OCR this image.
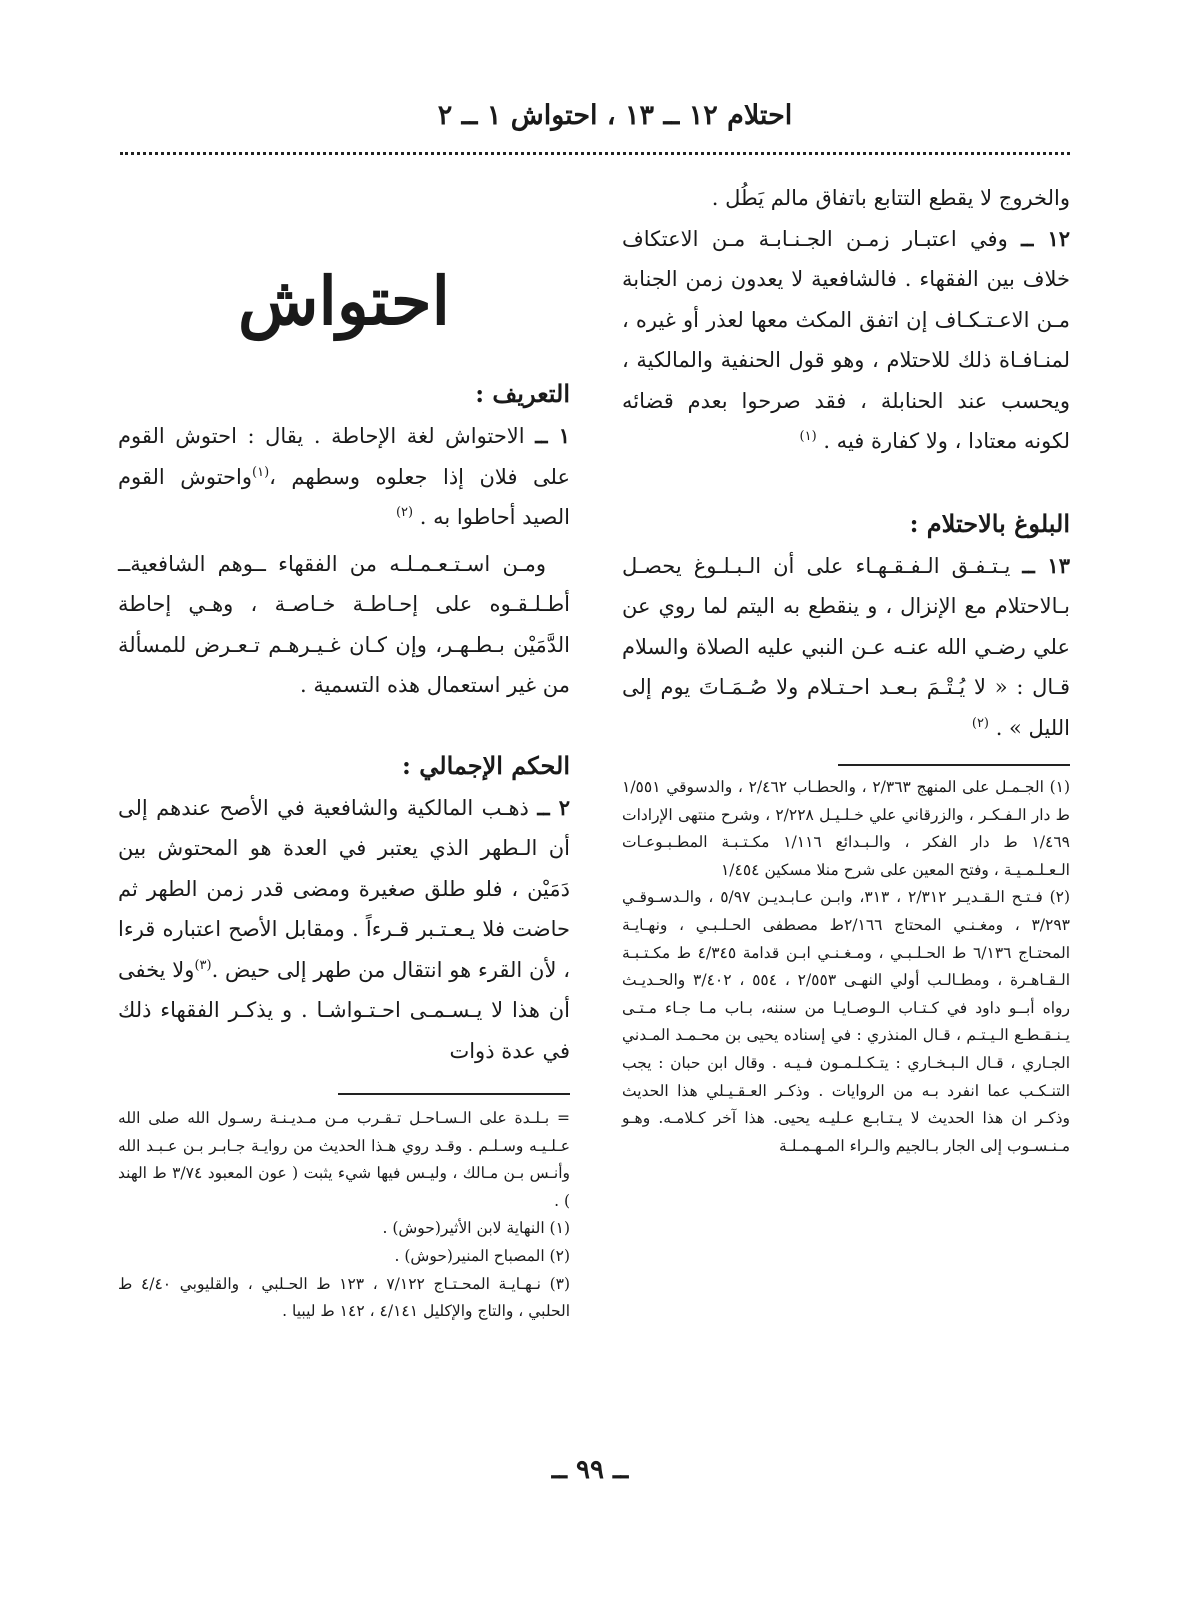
احتلام ١٢ ــ ١٣ ، احتواش ١ ــ ٢

والخروج لا يقطع التتابع باتفاق مالم يَطُل .

١٢ ــ وفي اعتبـار زمـن الجـنـابـة مـن الاعتكاف خلاف بين الفقهاء . فالشافعية لا يعدون زمن الجنابة مـن الاعـتـكـاف إن اتفق المكث معها لعذر أو غيره ، لمنـافـاة ذلك للاحتلام ، وهو قول الحنفية والمالكية ، ويحسب عند الحنابلة ، فقد صرحوا بعدم قضائه لكونه معتادا ، ولا كفارة فيه . $^{(١)}$

البلوغ بالاحتلام :

١٣ ــ يـتـفـق الـفـقـهـاء على أن الـبـلـوغ يحصـل بـالاحتلام مع الإنزال ، و ينقطع به اليتم لما روي عن علي رضـي الله عنـه عـن النبي عليه الصلاة والسلام قـال : « لا يُـتْـمَ بـعـد احـتـلام ولا صُـمَـاتَ يوم إلى الليل » . $^{(٢)}$

(١) الجـمـل على المنهج ٢/٣٦٣ ، والحطـاب ٢/٤٦٢ ، والدسوقي ١/٥٥١ ط دار الـفـكـر ، والزرقاني علي خـلـيـل ٢/٢٢٨ ، وشرح منتهى الإرادات ١/٤٦٩ ط دار الفكر ، والـبـدائع ١/١١٦ مكـتـبـة المطـبـوعـات الـعـلـمـيـة ، وفتح المعين على شرح منلا مسكين ١/٤٥٤

(٢) فـتـح الـقـديـر ٢/٣١٢ ، ٣١٣، وابـن عـابـديـن ٥/٩٧ ، والـدسـوقـي ٣/٢٩٣ ، ومغـنـي المحتاج ٢/١٦٦ط مصطفى الحـلـبـي ، ونهـايـة المحتـاج ٦/١٣٦ ط الحـلـبـي ، ومـغـنـي ابـن قدامة ٤/٣٤٥ ط مكـتـبـة الـقـاهـرة ، ومطـالـب أولي النهـى ٢/٥٥٣ ، ٥٥٤ ، ٣/٤٠٢ والحـديـث رواه أبــو داود في كـتـاب الـوصـايـا من سننه، بـاب مـا جـاء مـتـى يـنـقـطـع الـيـتـم ، قـال المنذري : في إسناده يحيى بن محـمـد المـدني الجـاري ، قـال الـبـخـاري : يتـكـلـمـون فـيـه . وقال ابن حبان : يجب التنـكـب عما انفرد بـه من الروايات . وذكـر العـقـيـلي هذا الحديث وذكـر ان هذا الحديث لا يـتـابـع عـليـه يحيى. هذا آخر كـلامـه. وهـو مـنـسـوب إلى الجار بـالجيم والـراء المـهـمـلـة

احتواش

التعريف :

١ ــ الاحتواش لغة الإحاطة . يقال : احتوش القوم على فلان إذا جعلوه وسطهم ،$^{(١)}$واحتوش القوم الصيد أحاطوا به . $^{(٢)}$

ومـن اسـتـعـمـلـه من الفقهاء ــوهم الشافعيةــ أطـلـقـوه على إحـاطـة خـاصـة ، وهـي إحاطة الدَّمَيْن بـطـهـر، وإن كـان غـيـرهـم تـعـرض للمسألة من غير استعمال هذه التسمية .

الحكم الإجمالي :

٢ ــ ذهـب المالكية والشافعية في الأصح عندهم إلى أن الـطهر الذي يعتبر في العدة هو المحتوش بين دَمَيْن ، فلو طلق صغيرة ومضى قدر زمن الطهر ثم حاضت فلا يـعـتـبر قـرءاً . ومقابل الأصح اعتباره قرءا ، لأن القرء هو انتقال من طهر إلى حيض .$^{(٣)}$ولا يخفى أن هذا لا يـسـمـى احـتـواشـا . و يذكـر الفقهاء ذلك في عدة ذوات

= بـلـدة على الـسـاحـل تـقـرب مـن مـديـنـة رسـول الله صلى الله عـلـيـه وسـلـم . وقـد روي هـذا الحديث من روايـة جـابـر بـن عـبـد الله وأنـس بـن مـالك ، وليـس فيها شيء يثبت ( عون المعبود ٣/٧٤ ط الهند ) .

(١) النهاية لابن الأثير(حوش) .

(٢) المصباح المنير(حوش) .

(٣) نـهـايـة المحـتـاج ٧/١٢٢ ، ١٢٣ ط الحـلبي ، والقليوبي ٤/٤٠ ط الحلبي ، والتاج والإكليل ٤/١٤١ ، ١٤٢ ط ليبيا .

ــ ٩٩ ــ
